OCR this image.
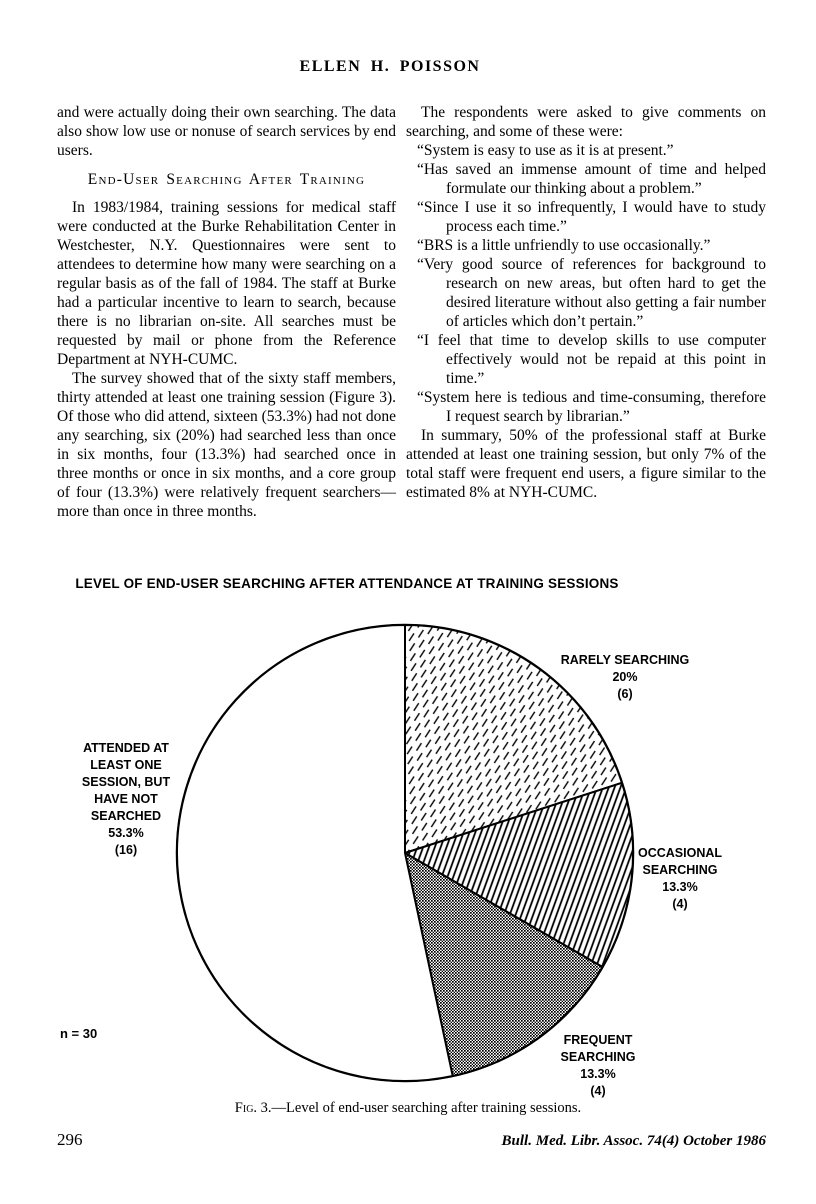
ELLEN H. POISSON

and were actually doing their own searching. The data also show low use or nonuse of search services by end users.

End-User Searching After Training

In 1983/1984, training sessions for medical staff were conducted at the Burke Rehabilitation Center in Westchester, N.Y. Questionnaires were sent to attendees to determine how many were searching on a regular basis as of the fall of 1984. The staff at Burke had a particular incentive to learn to search, because there is no librarian on-site. All searches must be requested by mail or phone from the Reference Department at NYH-CUMC.

The survey showed that of the sixty staff members, thirty attended at least one training session (Figure 3). Of those who did attend, sixteen (53.3%) had not done any searching, six (20%) had searched less than once in six months, four (13.3%) had searched once in three months or once in six months, and a core group of four (13.3%) were relatively frequent searchers—more than once in three months.

The respondents were asked to give comments on searching, and some of these were:

“System is easy to use as it is at present.”

“Has saved an immense amount of time and helped formulate our thinking about a problem.”

“Since I use it so infrequently, I would have to study process each time.”

“BRS is a little unfriendly to use occasionally.”

“Very good source of references for background to research on new areas, but often hard to get the desired literature without also getting a fair number of articles which don’t pertain.”

“I feel that time to develop skills to use computer effectively would not be repaid at this point in time.”

“System here is tedious and time-consuming, therefore I request search by librarian.”

In summary, 50% of the professional staff at Burke attended at least one training session, but only 7% of the total staff were frequent end users, a figure similar to the estimated 8% at NYH-CUMC.

LEVEL OF END-USER SEARCHING AFTER ATTENDANCE AT TRAINING SESSIONS
RARELY SEARCHING
20%
(6)
OCCASIONAL SEARCHING
13.3%
(4)
FREQUENT SEARCHING
13.3%
(4)
ATTENDED AT LEAST ONE SESSION, BUT HAVE NOT SEARCHED
53.3%
(16)
n = 30
Fig. 3.—Level of end-user searching after training sessions.
296	Bull. Med. Libr. Assoc. 74(4) October 1986
